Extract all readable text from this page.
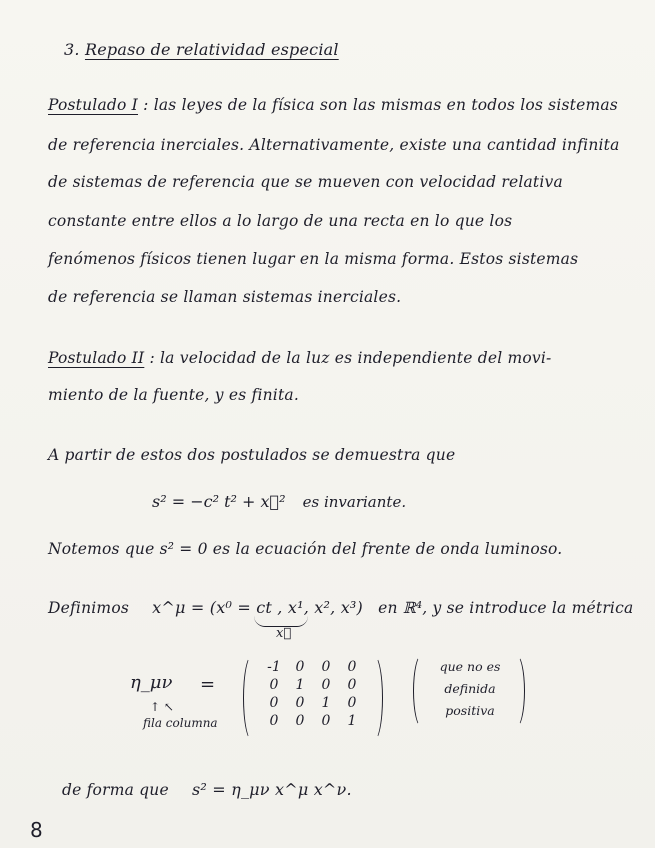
3. Repaso de relatividad especial
Postulado I : las leyes de la física son las mismas en todos los sistemas
de referencia inerciales. Alternativamente, existe una cantidad infinita
de sistemas de referencia que se mueven con velocidad relativa
constante entre ellos a lo largo de una recta en lo que los
fenómenos físicos tienen lugar en la misma forma. Estos sistemas
de referencia se llaman sistemas inerciales.
Postulado II : la velocidad de la luz es independiente del movi-
miento de la fuente, y es finita.
A partir de estos dos postulados se demuestra que
s² = −c² t² + x⃗² es invariante.
Notemos que s² = 0 es la ecuación del frente de onda luminoso.
Definimos x^μ = (x⁰ = ct , x¹, x², x³) en ℝ⁴, y se introduce la métrica
x⃗
η_μν =
↑ ↖
fila columna
-1	0	0	0
0	1	0	0
0	0	1	0
0	0	0	1
que no es definida positiva
de forma que s² = η_μν x^μ x^ν.
8
